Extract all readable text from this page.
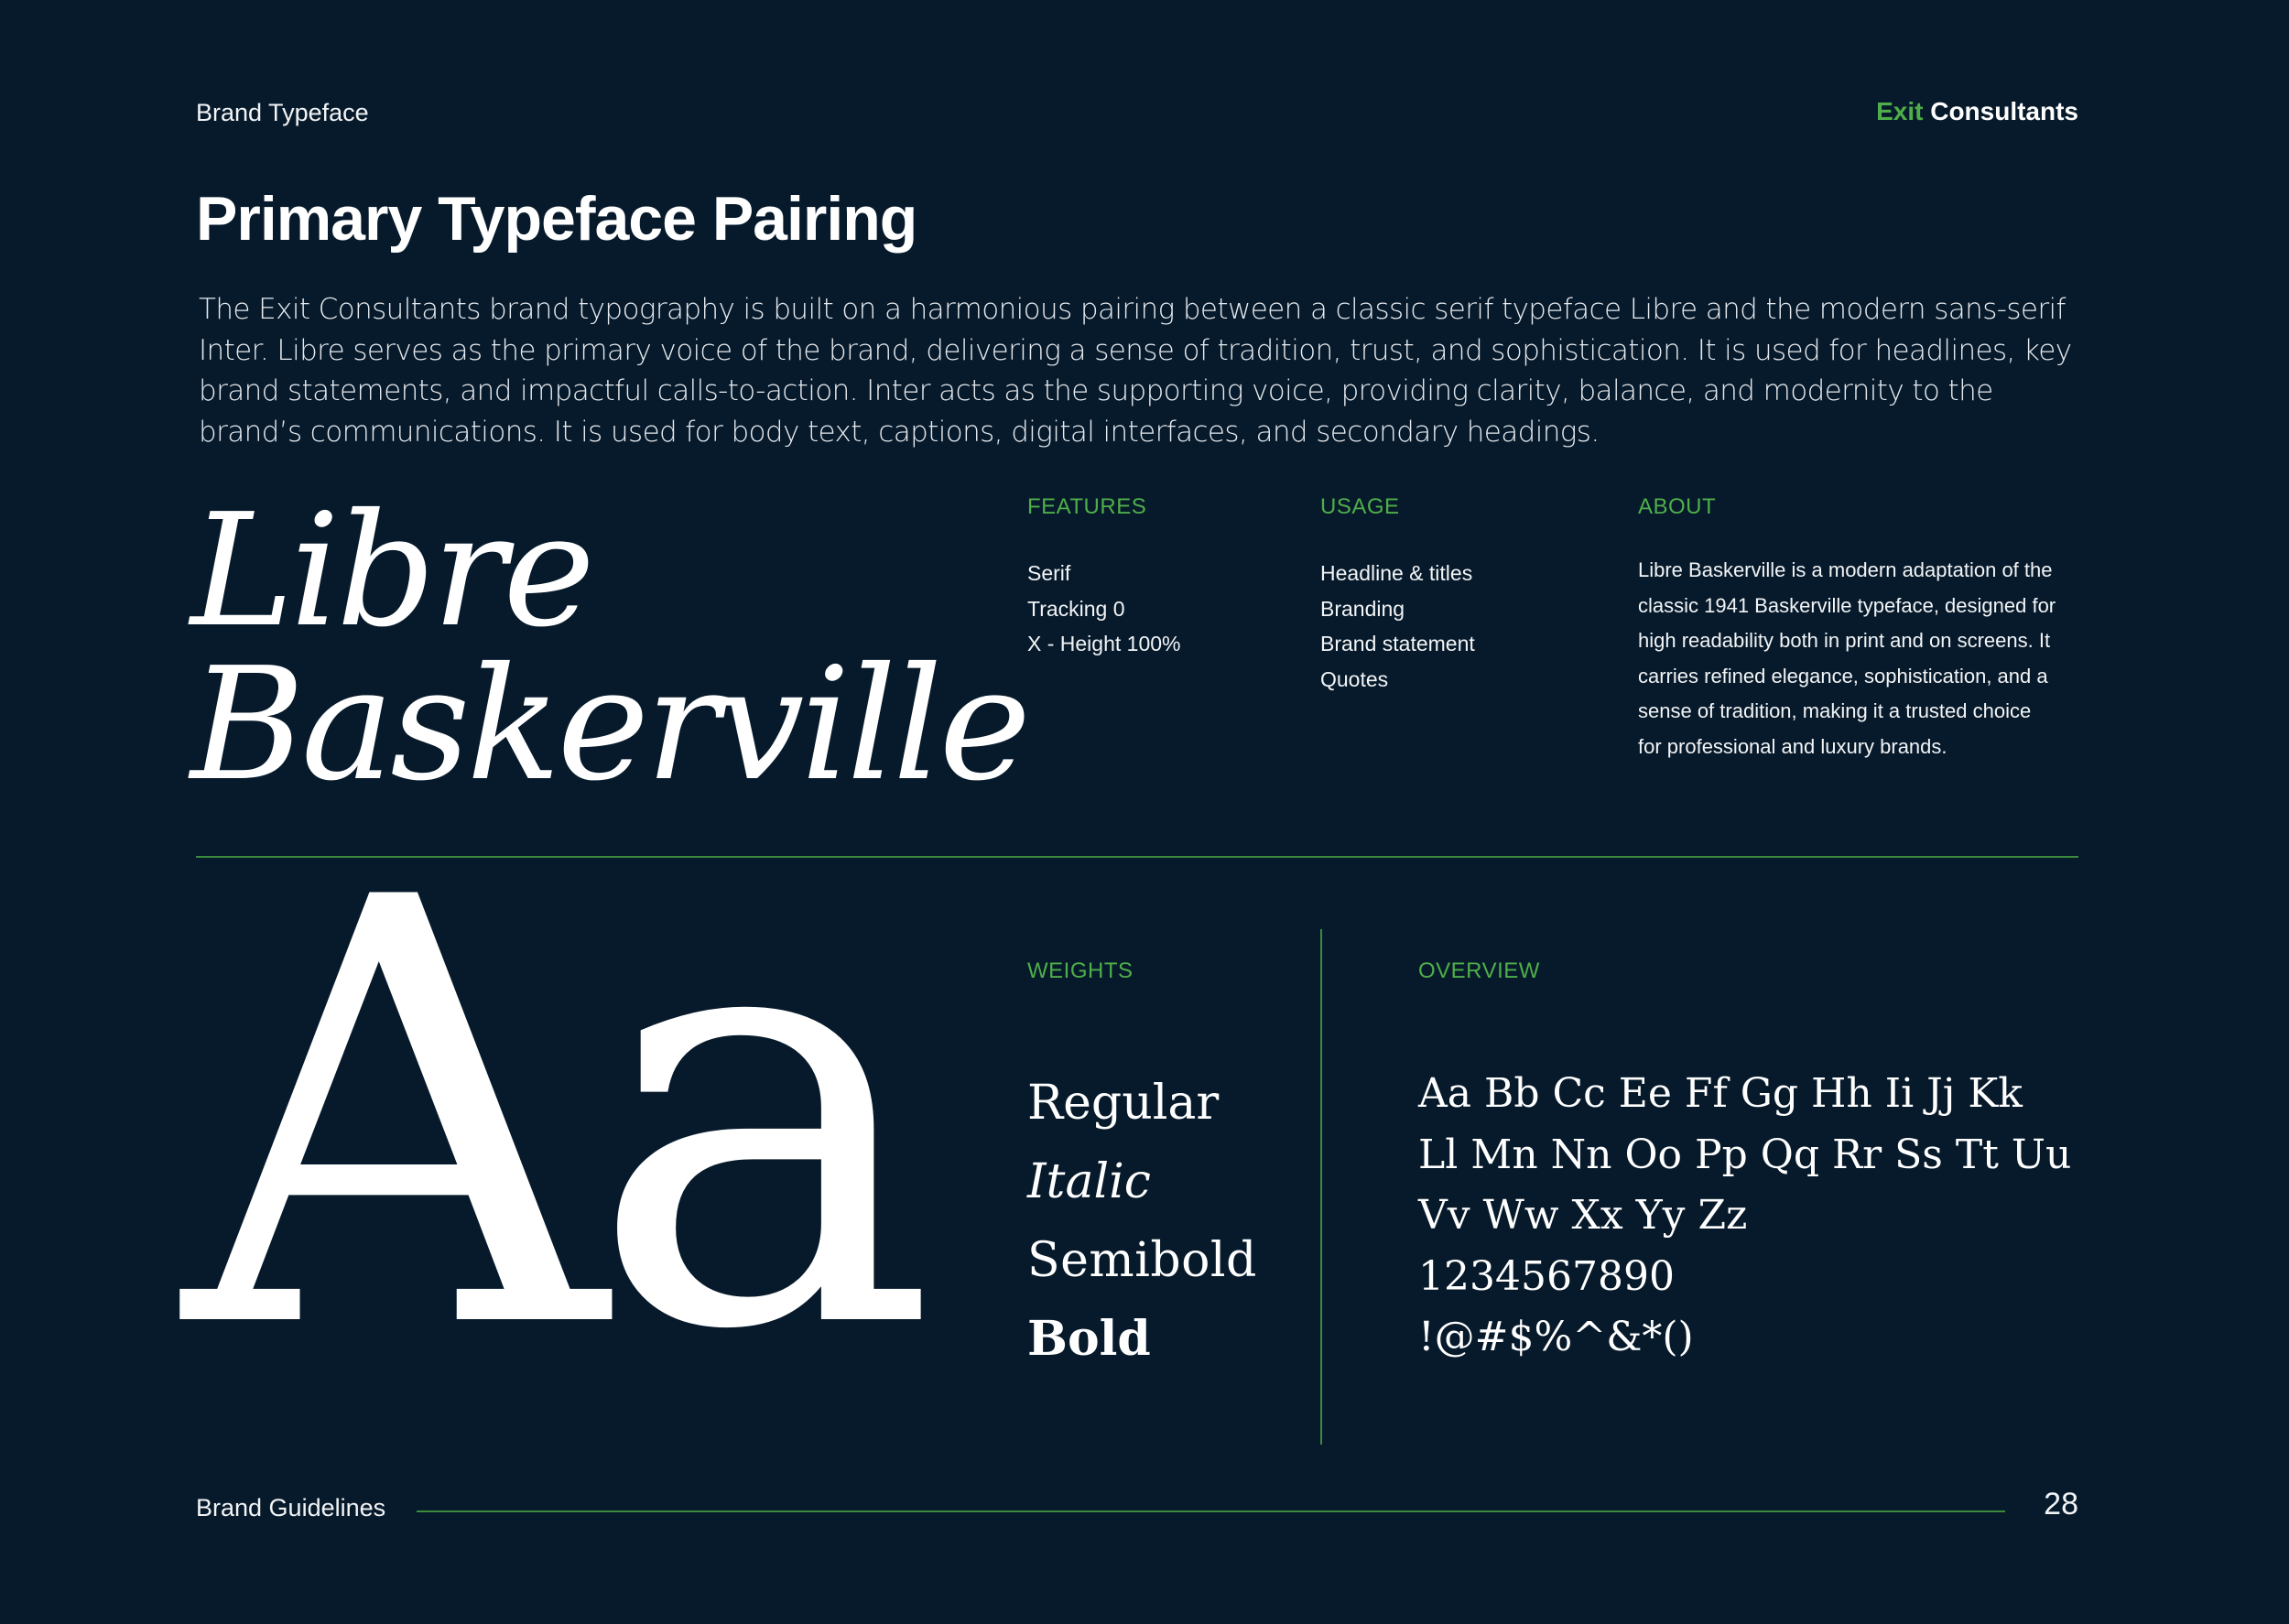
Brand Typeface	Exit Consultants
Primary Typeface Pairing

The Exit Consultants brand typography is built on a harmonious pairing between a classic serif typeface Libre and the modern sans-serif Inter. Libre serves as the primary voice of the brand, delivering a sense of tradition, trust, and sophistication. It is used for headlines, key brand statements, and impactful calls-to-action. Inter acts as the supporting voice, providing clarity, balance, and modernity to the brand’s communications. It is used for body text, captions, digital interfaces, and secondary headings.

Libre
Baskerville
FEATURES
Serif
Tracking 0
X - Height 100%
USAGE
Headline & titles
Branding
Brand statement
Quotes
ABOUT

Libre Baskerville is a modern adaptation of the classic 1941 Baskerville typeface, designed for high readability both in print and on screens. It carries refined elegance, sophistication, and a sense of tradition, making it a trusted choice for professional and luxury brands.

Aa	WEIGHTS
Regular
Italic
Semibold
Bold
OVERVIEW
Aa Bb Cc Ee Ff Gg Hh Ii Jj Kk
Ll Mn Nn Oo Pp Qq Rr Ss Tt Uu
Vv Ww Xx Yy Zz
1234567890
!@#$%^&*()
Brand Guidelines	28
